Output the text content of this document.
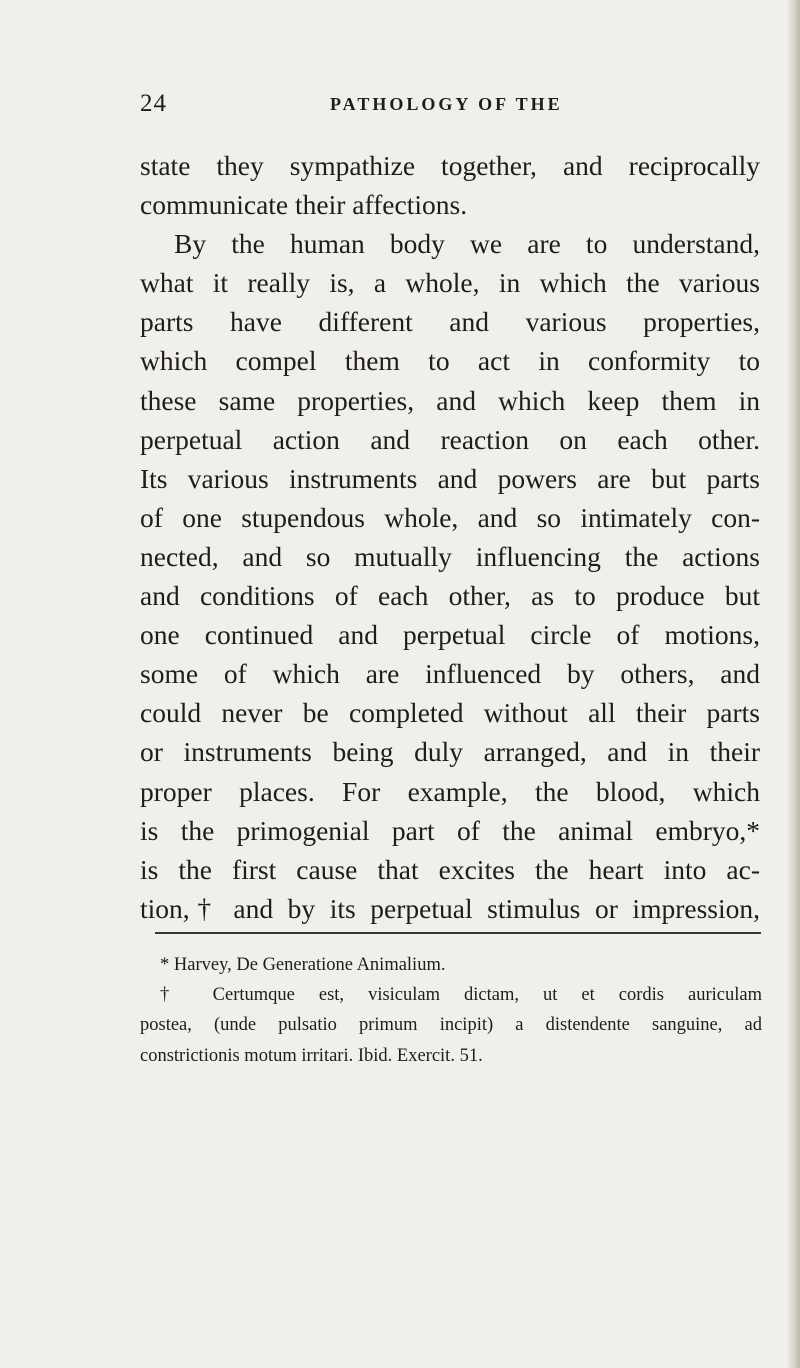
24	PATHOLOGY OF THE
state they sympathize together, and reciprocally
communicate their affections.
By the human body we are to understand,
what it really is, a whole, in which the various
parts have different and various properties,
which compel them to act in conformity to
these same properties, and which keep them in
perpetual action and reaction on each other.
Its various instruments and powers are but parts
of one stupendous whole, and so intimately con-
nected, and so mutually influencing the actions
and conditions of each other, as to produce but
one continued and perpetual circle of motions,
some of which are influenced by others, and
could never be completed without all their parts
or instruments being duly arranged, and in their
proper places. For example, the blood, which
is the primogenial part of the animal embryo,*
is the first cause that excites the heart into ac-
tion,† and by its perpetual stimulus or impression,
* Harvey, De Generatione Animalium.
† Certumque est, visiculam dictam, ut et cordis auriculam
postea, (unde pulsatio primum incipit) a distendente sanguine, ad
constrictionis motum irritari. Ibid. Exercit. 51.
